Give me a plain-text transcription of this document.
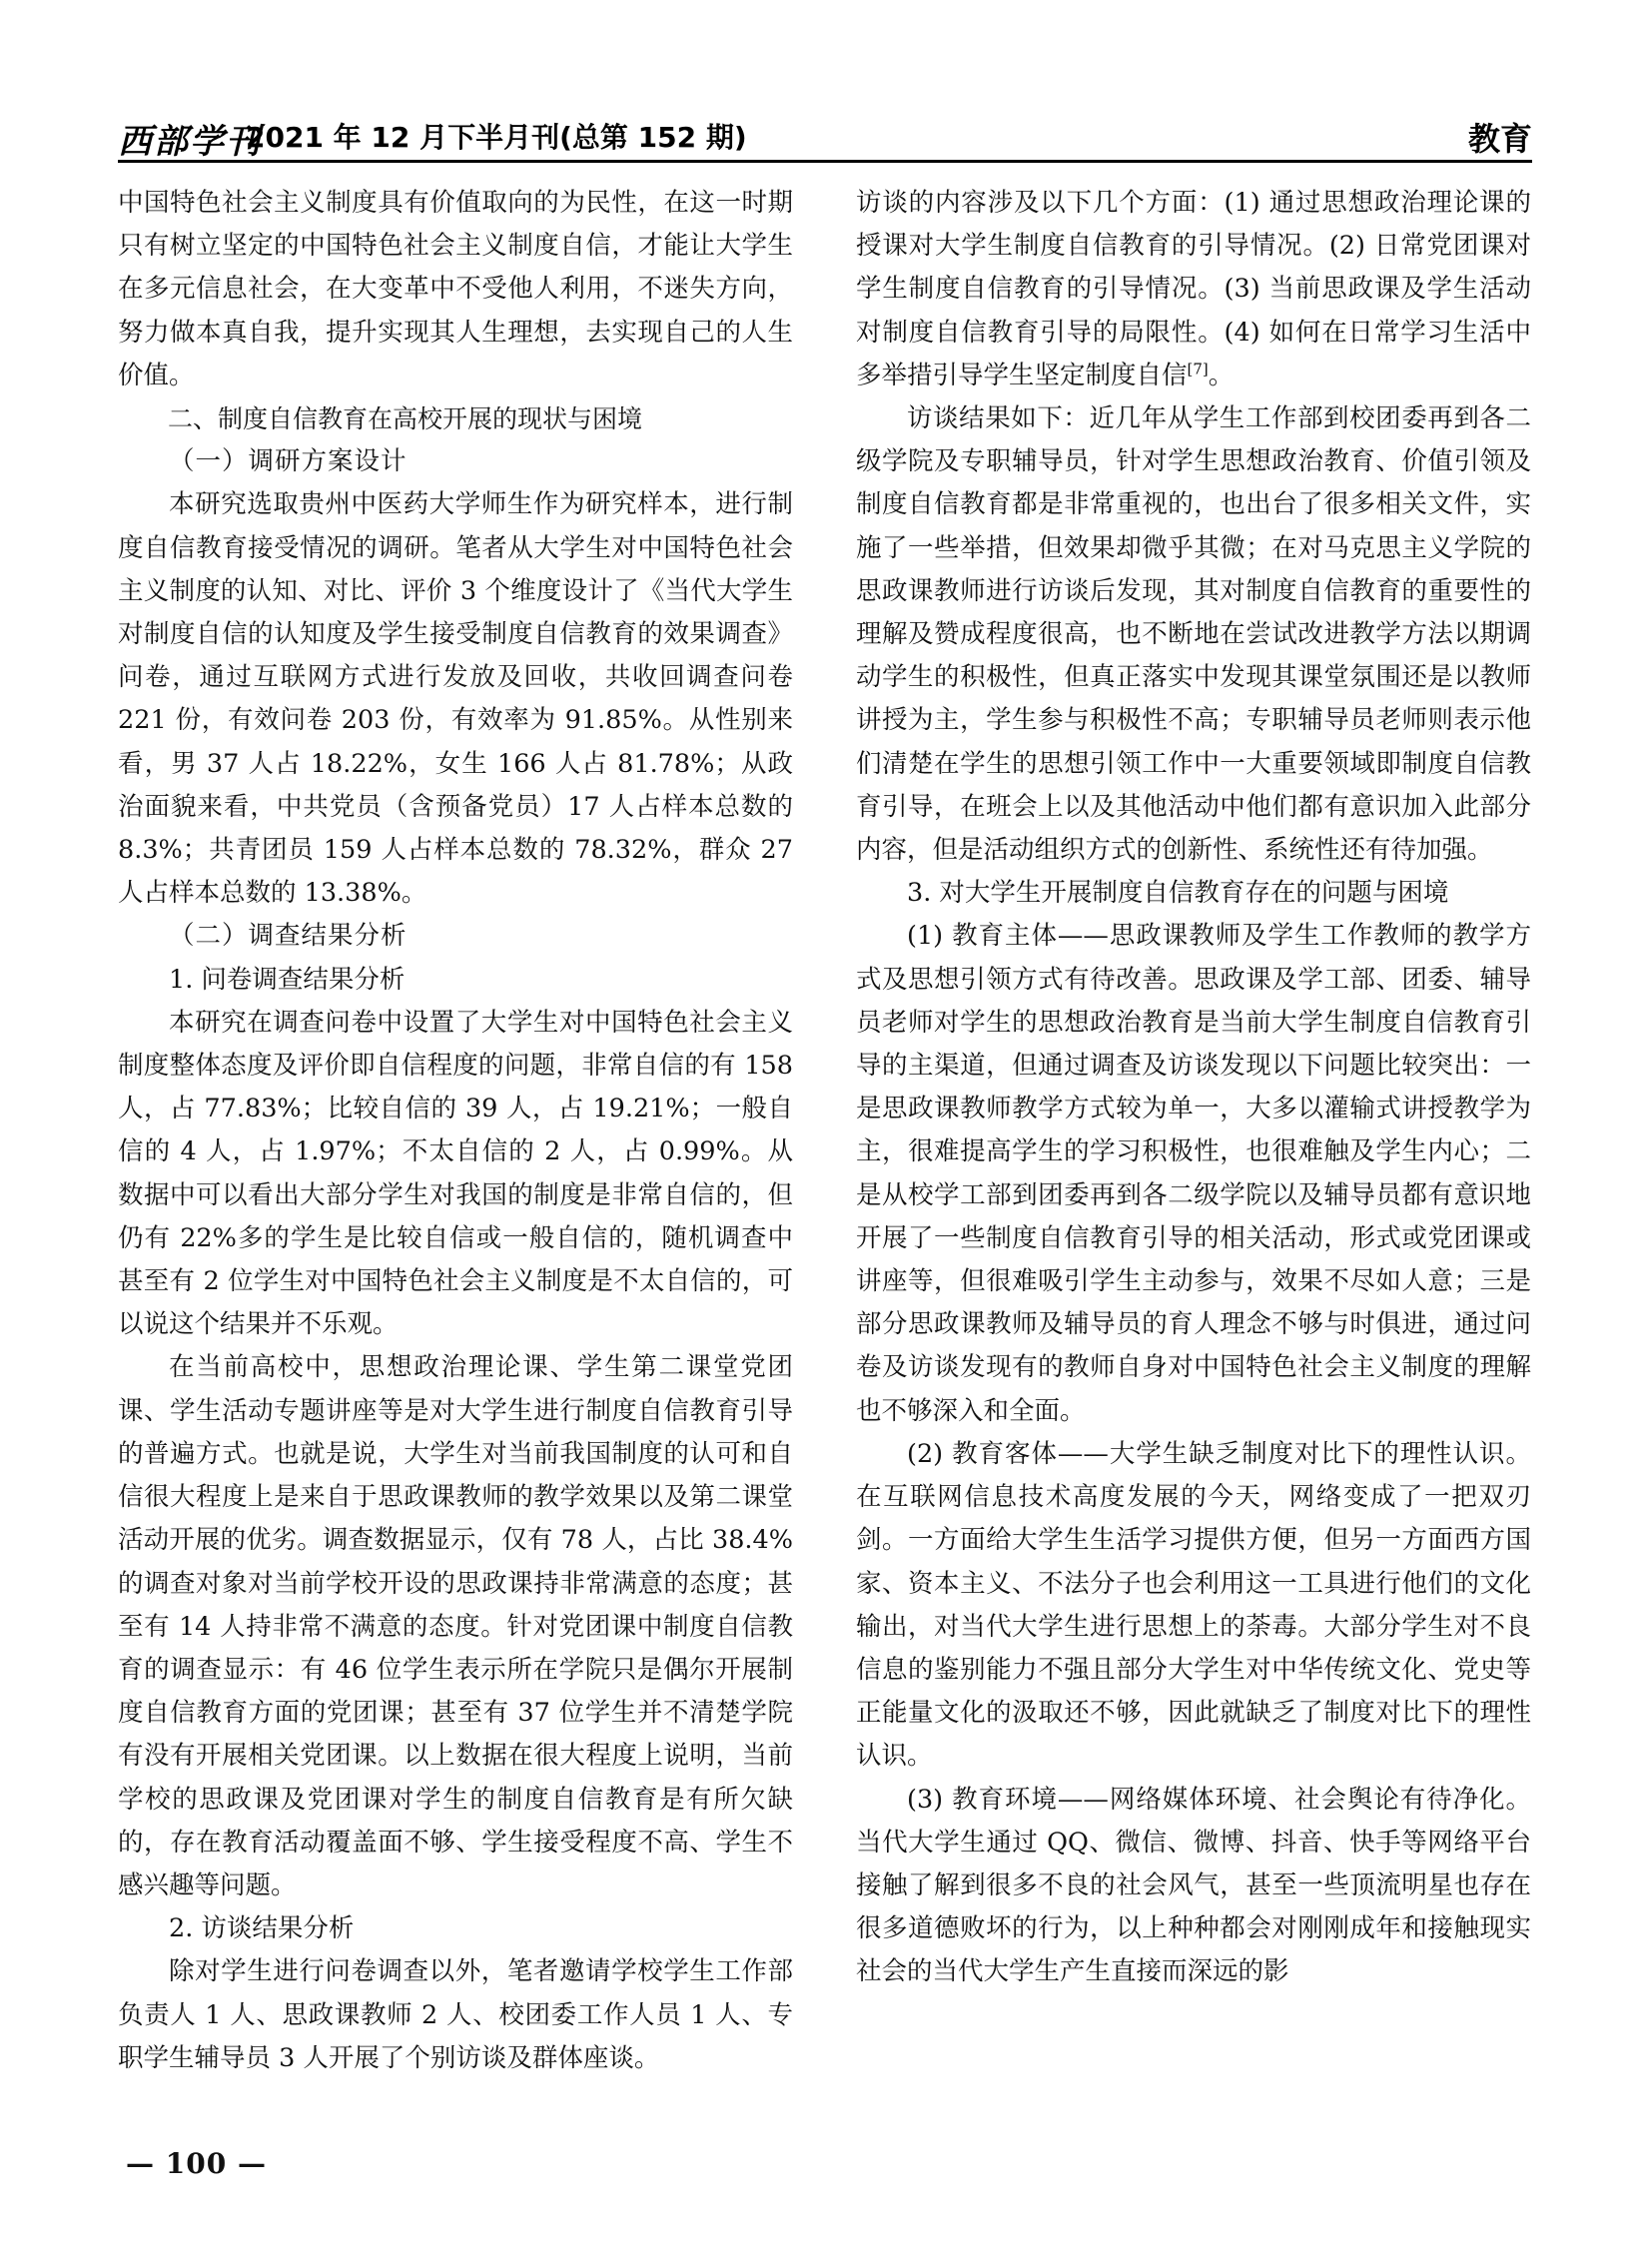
西部学刊
2021 年 12 月下半月刊(总第 152 期)	教育

中国特色社会主义制度具有价值取向的为民性，在这一时期只有树立坚定的中国特色社会主义制度自信，才能让大学生在多元信息社会，在大变革中不受他人利用，不迷失方向，努力做本真自我，提升实现其人生理想，去实现自己的人生价值。

二、制度自信教育在高校开展的现状与困境

（一）调研方案设计

本研究选取贵州中医药大学师生作为研究样本，进行制度自信教育接受情况的调研。笔者从大学生对中国特色社会主义制度的认知、对比、评价 3 个维度设计了《当代大学生对制度自信的认知度及学生接受制度自信教育的效果调查》问卷，通过互联网方式进行发放及回收，共收回调查问卷 221 份，有效问卷 203 份，有效率为 91.85%。从性别来看，男 37 人占 18.22%，女生 166 人占 81.78%；从政治面貌来看，中共党员（含预备党员）17 人占样本总数的 8.3%；共青团员 159 人占样本总数的 78.32%，群众 27 人占样本总数的 13.38%。

（二）调查结果分析

1. 问卷调查结果分析

本研究在调查问卷中设置了大学生对中国特色社会主义制度整体态度及评价即自信程度的问题，非常自信的有 158 人，占 77.83%；比较自信的 39 人，占 19.21%；一般自信的 4 人，占 1.97%；不太自信的 2 人，占 0.99%。从数据中可以看出大部分学生对我国的制度是非常自信的，但仍有 22%多的学生是比较自信或一般自信的，随机调查中甚至有 2 位学生对中国特色社会主义制度是不太自信的，可以说这个结果并不乐观。

在当前高校中，思想政治理论课、学生第二课堂党团课、学生活动专题讲座等是对大学生进行制度自信教育引导的普遍方式。也就是说，大学生对当前我国制度的认可和自信很大程度上是来自于思政课教师的教学效果以及第二课堂活动开展的优劣。调查数据显示，仅有 78 人，占比 38.4%的调查对象对当前学校开设的思政课持非常满意的态度；甚至有 14 人持非常不满意的态度。针对党团课中制度自信教育的调查显示：有 46 位学生表示所在学院只是偶尔开展制度自信教育方面的党团课；甚至有 37 位学生并不清楚学院有没有开展相关党团课。以上数据在很大程度上说明，当前学校的思政课及党团课对学生的制度自信教育是有所欠缺的，存在教育活动覆盖面不够、学生接受程度不高、学生不感兴趣等问题。

2. 访谈结果分析

除对学生进行问卷调查以外，笔者邀请学校学生工作部负责人 1 人、思政课教师 2 人、校团委工作人员 1 人、专职学生辅导员 3 人开展了个别访谈及群体座谈。

访谈的内容涉及以下几个方面：(1) 通过思想政治理论课的授课对大学生制度自信教育的引导情况。(2) 日常党团课对学生制度自信教育的引导情况。(3) 当前思政课及学生活动对制度自信教育引导的局限性。(4) 如何在日常学习生活中多举措引导学生坚定制度自信[7]。

访谈结果如下：近几年从学生工作部到校团委再到各二级学院及专职辅导员，针对学生思想政治教育、价值引领及制度自信教育都是非常重视的，也出台了很多相关文件，实施了一些举措，但效果却微乎其微；在对马克思主义学院的思政课教师进行访谈后发现，其对制度自信教育的重要性的理解及赞成程度很高，也不断地在尝试改进教学方法以期调动学生的积极性，但真正落实中发现其课堂氛围还是以教师讲授为主，学生参与积极性不高；专职辅导员老师则表示他们清楚在学生的思想引领工作中一大重要领域即制度自信教育引导，在班会上以及其他活动中他们都有意识加入此部分内容，但是活动组织方式的创新性、系统性还有待加强。

3. 对大学生开展制度自信教育存在的问题与困境

(1) 教育主体——思政课教师及学生工作教师的教学方式及思想引领方式有待改善。思政课及学工部、团委、辅导员老师对学生的思想政治教育是当前大学生制度自信教育引导的主渠道，但通过调查及访谈发现以下问题比较突出：一是思政课教师教学方式较为单一，大多以灌输式讲授教学为主，很难提高学生的学习积极性，也很难触及学生内心；二是从校学工部到团委再到各二级学院以及辅导员都有意识地开展了一些制度自信教育引导的相关活动，形式或党团课或讲座等，但很难吸引学生主动参与，效果不尽如人意；三是部分思政课教师及辅导员的育人理念不够与时俱进，通过问卷及访谈发现有的教师自身对中国特色社会主义制度的理解也不够深入和全面。

(2) 教育客体——大学生缺乏制度对比下的理性认识。在互联网信息技术高度发展的今天，网络变成了一把双刃剑。一方面给大学生生活学习提供方便，但另一方面西方国家、资本主义、不法分子也会利用这一工具进行他们的文化输出，对当代大学生进行思想上的荼毒。大部分学生对不良信息的鉴别能力不强且部分大学生对中华传统文化、党史等正能量文化的汲取还不够，因此就缺乏了制度对比下的理性认识。

(3) 教育环境——网络媒体环境、社会舆论有待净化。当代大学生通过 QQ、微信、微博、抖音、快手等网络平台接触了解到很多不良的社会风气，甚至一些顶流明星也存在很多道德败坏的行为，以上种种都会对刚刚成年和接触现实社会的当代大学生产生直接而深远的影

— 100 —
